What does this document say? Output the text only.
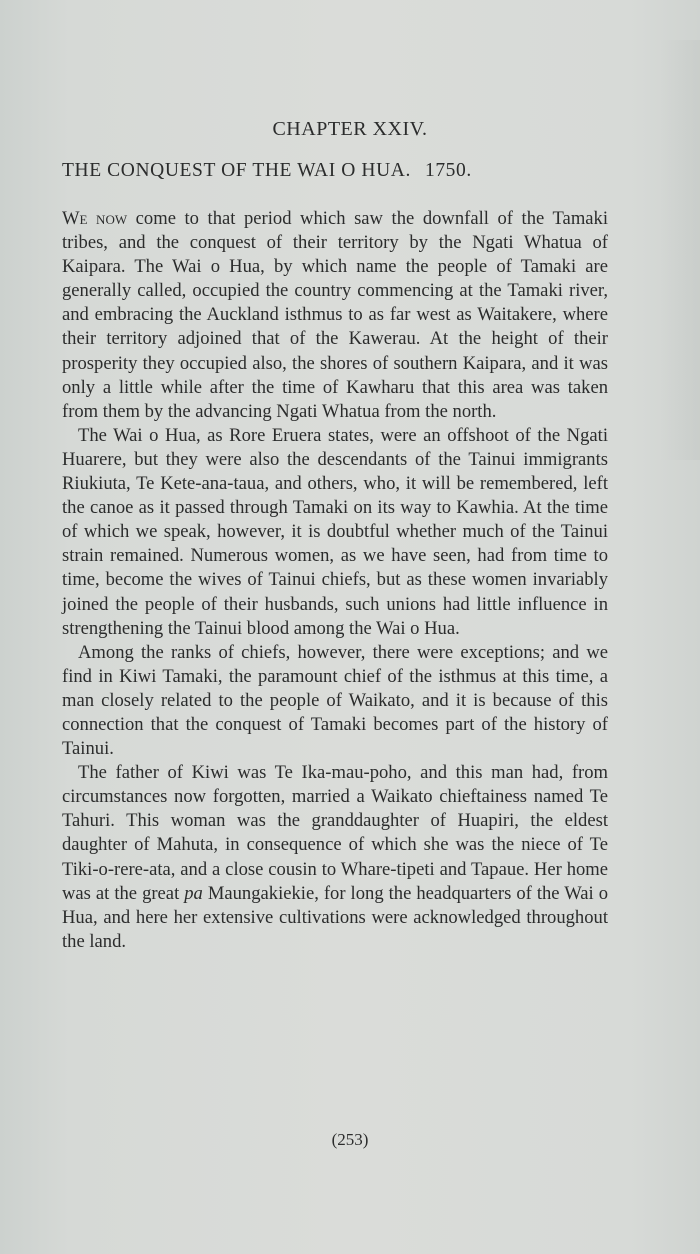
CHAPTER XXIV.
THE CONQUEST OF THE WAI O HUA. 1750.

We now come to that period which saw the downfall of the Tamaki tribes, and the conquest of their territory by the Ngati Whatua of Kaipara. The Wai o Hua, by which name the people of Tamaki are generally called, occupied the country commencing at the Tamaki river, and embracing the Auckland isthmus to as far west as Waitakere, where their territory adjoined that of the Kawerau. At the height of their prosperity they occupied also, the shores of southern Kaipara, and it was only a little while after the time of Kawharu that this area was taken from them by the advancing Ngati Whatua from the north.

The Wai o Hua, as Rore Eruera states, were an offshoot of the Ngati Huarere, but they were also the descendants of the Tainui immigrants Riukiuta, Te Kete-ana-taua, and others, who, it will be remembered, left the canoe as it passed through Tamaki on its way to Kawhia. At the time of which we speak, however, it is doubtful whether much of the Tainui strain remained. Numerous women, as we have seen, had from time to time, become the wives of Tainui chiefs, but as these women invariably joined the people of their husbands, such unions had little influence in strengthening the Tainui blood among the Wai o Hua.

Among the ranks of chiefs, however, there were exceptions; and we find in Kiwi Tamaki, the paramount chief of the isthmus at this time, a man closely related to the people of Waikato, and it is because of this connection that the conquest of Tamaki becomes part of the history of Tainui.

The father of Kiwi was Te Ika-mau-poho, and this man had, from circumstances now forgotten, married a Waikato chieftainess named Te Tahuri. This woman was the granddaughter of Huapiri, the eldest daughter of Mahuta, in consequence of which she was the niece of Te Tiki-o-rere-ata, and a close cousin to Whare-tipeti and Tapaue. Her home was at the great pa Maungakiekie, for long the headquarters of the Wai o Hua, and here her extensive cultivations were acknowledged throughout the land.

(253)
